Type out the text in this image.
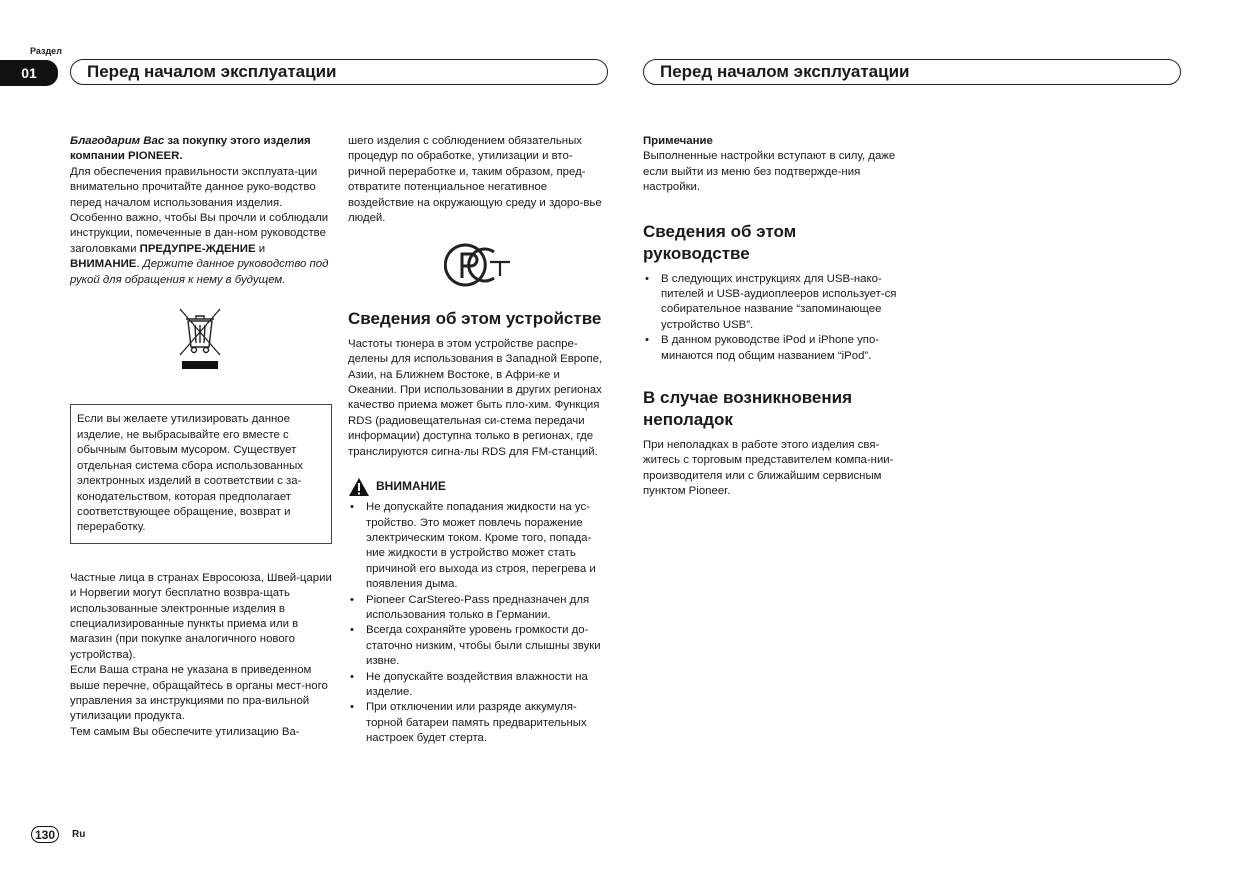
Раздел
01	Перед началом эксплуатации	Перед началом эксплуатации

Благодарим Вас за покупку этого изделия компании PIONEER.

Для обеспечения правильности эксплуата-ции внимательно прочитайте данное руко-водство перед началом использования изделия. Особенно важно, чтобы Вы прочли и соблюдали инструкции, помеченные в дан-ном руководстве заголовками ПРЕДУПРЕ-ЖДЕНИЕ и ВНИМАНИЕ. Держите данное руководство под рукой для обращения к нему в будущем.

Если вы желаете утилизировать данное изделие, не выбрасывайте его вместе с обычным бытовым мусором. Существует отдельная система сбора использованных электронных изделий в соответствии с за-конодательством, которая предполагает соответствующее обращение, возврат и переработку.

Частные лица в странах Евросоюза, Швей-царии и Норвегии могут бесплатно возвра-щать использованные электронные изделия в специализированные пункты приема или в магазин (при покупке аналогичного нового устройства).

Если Ваша страна не указана в приведенном выше перечне, обращайтесь в органы мест-ного управления за инструкциями по пра-вильной утилизации продукта.

Тем самым Вы обеспечите утилизацию Ва-

шего изделия с соблюдением обязательных процедур по обработке, утилизации и вто-ричной переработке и, таким образом, пред-отвратите потенциальное негативное воздействие на окружающую среду и здоро-вье людей.

Сведения об этом устройстве

Частоты тюнера в этом устройстве распре-делены для использования в Западной Европе, Азии, на Ближнем Востоке, в Афри-ке и Океании. При использовании в других регионах качество приема может быть пло-хим. Функция RDS (радиовещательная си-стема передачи информации) доступна только в регионах, где транслируются сигна-лы RDS для FM-станций.

ВНИМАНИЕ
• Не допускайте попадания жидкости на ус-тройство. Это может повлечь поражение электрическим током. Кроме того, попада-ние жидкости в устройство может стать причиной его выхода из строя, перегрева и появления дыма.
• Pioneer CarStereo-Pass предназначен для использования только в Германии.
• Всегда сохраняйте уровень громкости до-статочно низким, чтобы были слышны звуки извне.
• Не допускайте воздействия влажности на изделие.
• При отключении или разряде аккумуля-торной батареи память предварительных настроек будет стерта.

Примечание

Выполненные настройки вступают в силу, даже если выйти из меню без подтвержде-ния настройки.

Сведения об этом руководстве
• В следующих инструкциях для USB-нако-пителей и USB-аудиоплееров использует-ся собирательное название “запоминающее устройство USB”.
• В данном руководстве iPod и iPhone упо-минаются под общим названием “iPod”.
В случае возникновения неполадок

При неполадках в работе этого изделия свя-житесь с торговым представителем компа-нии-производителя или с ближайшим сервисным пунктом Pioneer.

130	Ru
